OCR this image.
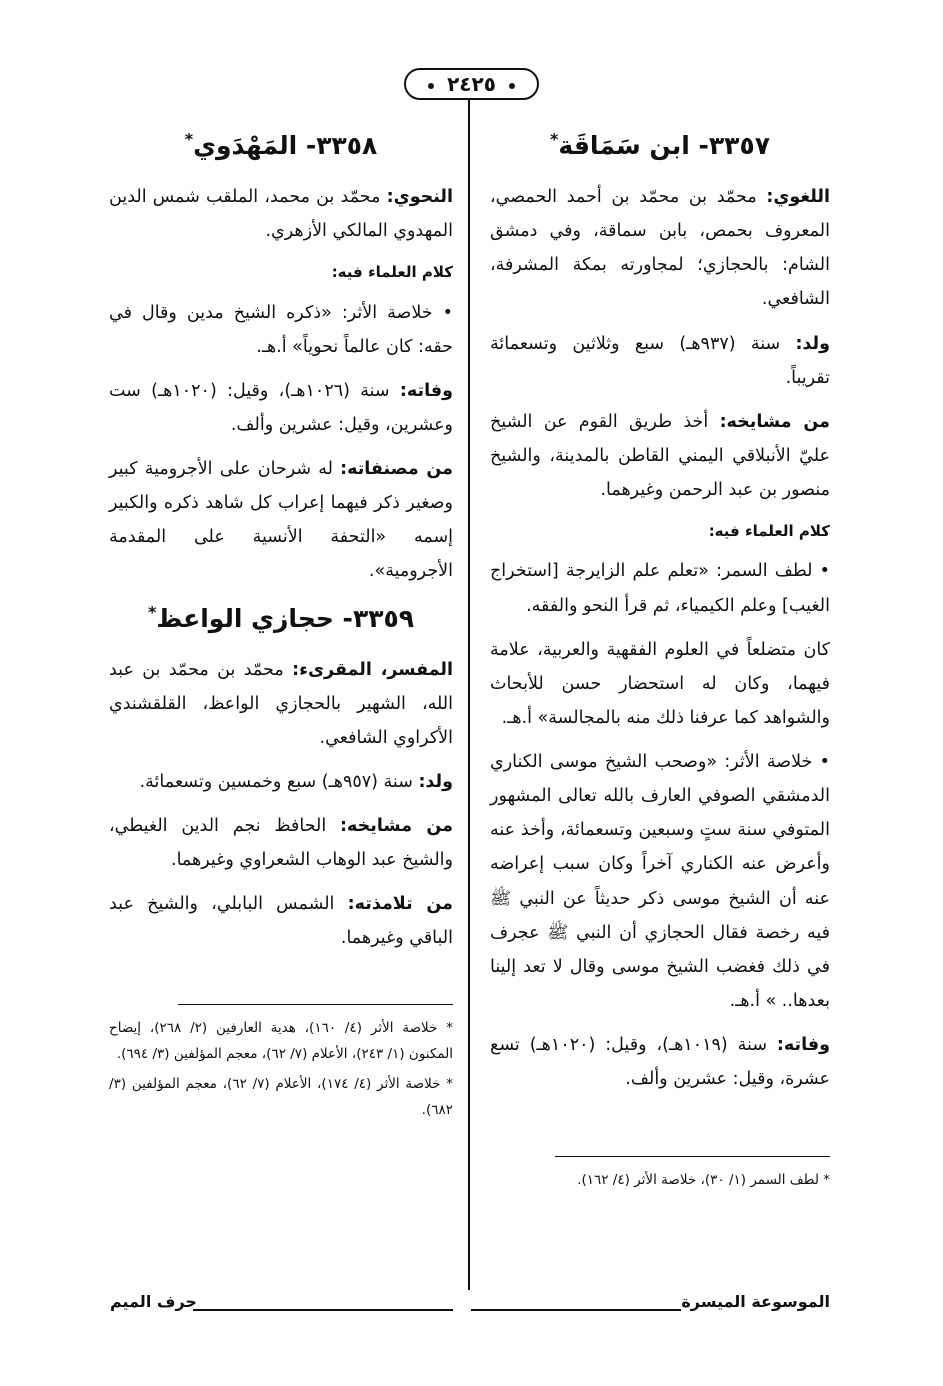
٢٤٢٥
٣٣٥٧- ابن سَمَاقَة*

اللغوي: محمّد بن محمّد بن أحمد الحمصي، المعروف بحمص، بابن سماقة، وفي دمشق الشام: بالحجازي؛ لمجاورته بمكة المشرفة، الشافعي.

ولد: سنة (٩٣٧هـ) سبع وثلاثين وتسعمائة تقريباً.

من مشايخه: أخذ طريق القوم عن الشيخ عليّ الأنبلاقي اليمني القاطن بالمدينة، والشيخ منصور بن عبد الرحمن وغيرهما.

كلام العلماء فيه:

• لطف السمر: «تعلم علم الزايرجة [استخراج الغيب] وعلم الكيمياء، ثم قرأ النحو والفقه.

كان متضلعاً في العلوم الفقهية والعربية، علامة فيهما، وكان له استحضار حسن للأبحاث والشواهد كما عرفنا ذلك منه بالمجالسة» أ.هـ.

• خلاصة الأثر: «وصحب الشيخ موسى الكناري الدمشقي الصوفي العارف بالله تعالى المشهور المتوفي سنة ستٍ وسبعين وتسعمائة، وأخذ عنه وأعرض عنه الكناري آخراً وكان سبب إعراضه عنه أن الشيخ موسى ذكر حديثاً عن النبي ﷺ فيه رخصة فقال الحجازي أن النبي ﷺ عجرف في ذلك فغضب الشيخ موسى وقال لا تعد إلينا بعدها.. » أ.هـ.

وفاته: سنة (١٠١٩هـ)، وقيل: (١٠٢٠هـ) تسع عشرة، وقيل: عشرين وألف.

* لطف السمر (١/ ٣٠)، خلاصة الأثر (٤/ ١٦٢).

٣٣٥٨- المَهْدَوي*

النحوي: محمّد بن محمد، الملقب شمس الدين المهدوي المالكي الأزهري.

كلام العلماء فيه:

• خلاصة الأثر: «ذكره الشيخ مدين وقال في حقه: كان عالماً نحوياً» أ.هـ.

وفاته: سنة (١٠٢٦هـ)، وقيل: (١٠٢٠هـ) ست وعشرين، وقيل: عشرين وألف.

من مصنفاته: له شرحان على الأجرومية كبير وصغير ذكر فيهما إعراب كل شاهد ذكره والكبير إسمه «التحفة الأنسية على المقدمة الأجرومية».

٣٣٥٩- حجازي الواعظ*

المفسر، المقرىء: محمّد بن محمّد بن عبد الله، الشهير بالحجازي الواعظ، القلقشندي الأكراوي الشافعي.

ولد: سنة (٩٥٧هـ) سبع وخمسين وتسعمائة.

من مشايخه: الحافظ نجم الدين الغيطي، والشيخ عبد الوهاب الشعراوي وغيرهما.

من تلامذته: الشمس البابلي، والشيخ عبد الباقي وغيرهما.

* خلاصة الأثر (٤/ ١٦٠)، هدية العارفين (٢/ ٢٦٨)، إيضاح المكنون (١/ ٢٤٣)، الأعلام (٧/ ٦٢)، معجم المؤلفين (٣/ ٦٩٤).

* خلاصة الأثر (٤/ ١٧٤)، الأعلام (٧/ ٦٢)، معجم المؤلفين (٣/ ٦٨٢).

الموسوعة الميسرة
حرف الميم
